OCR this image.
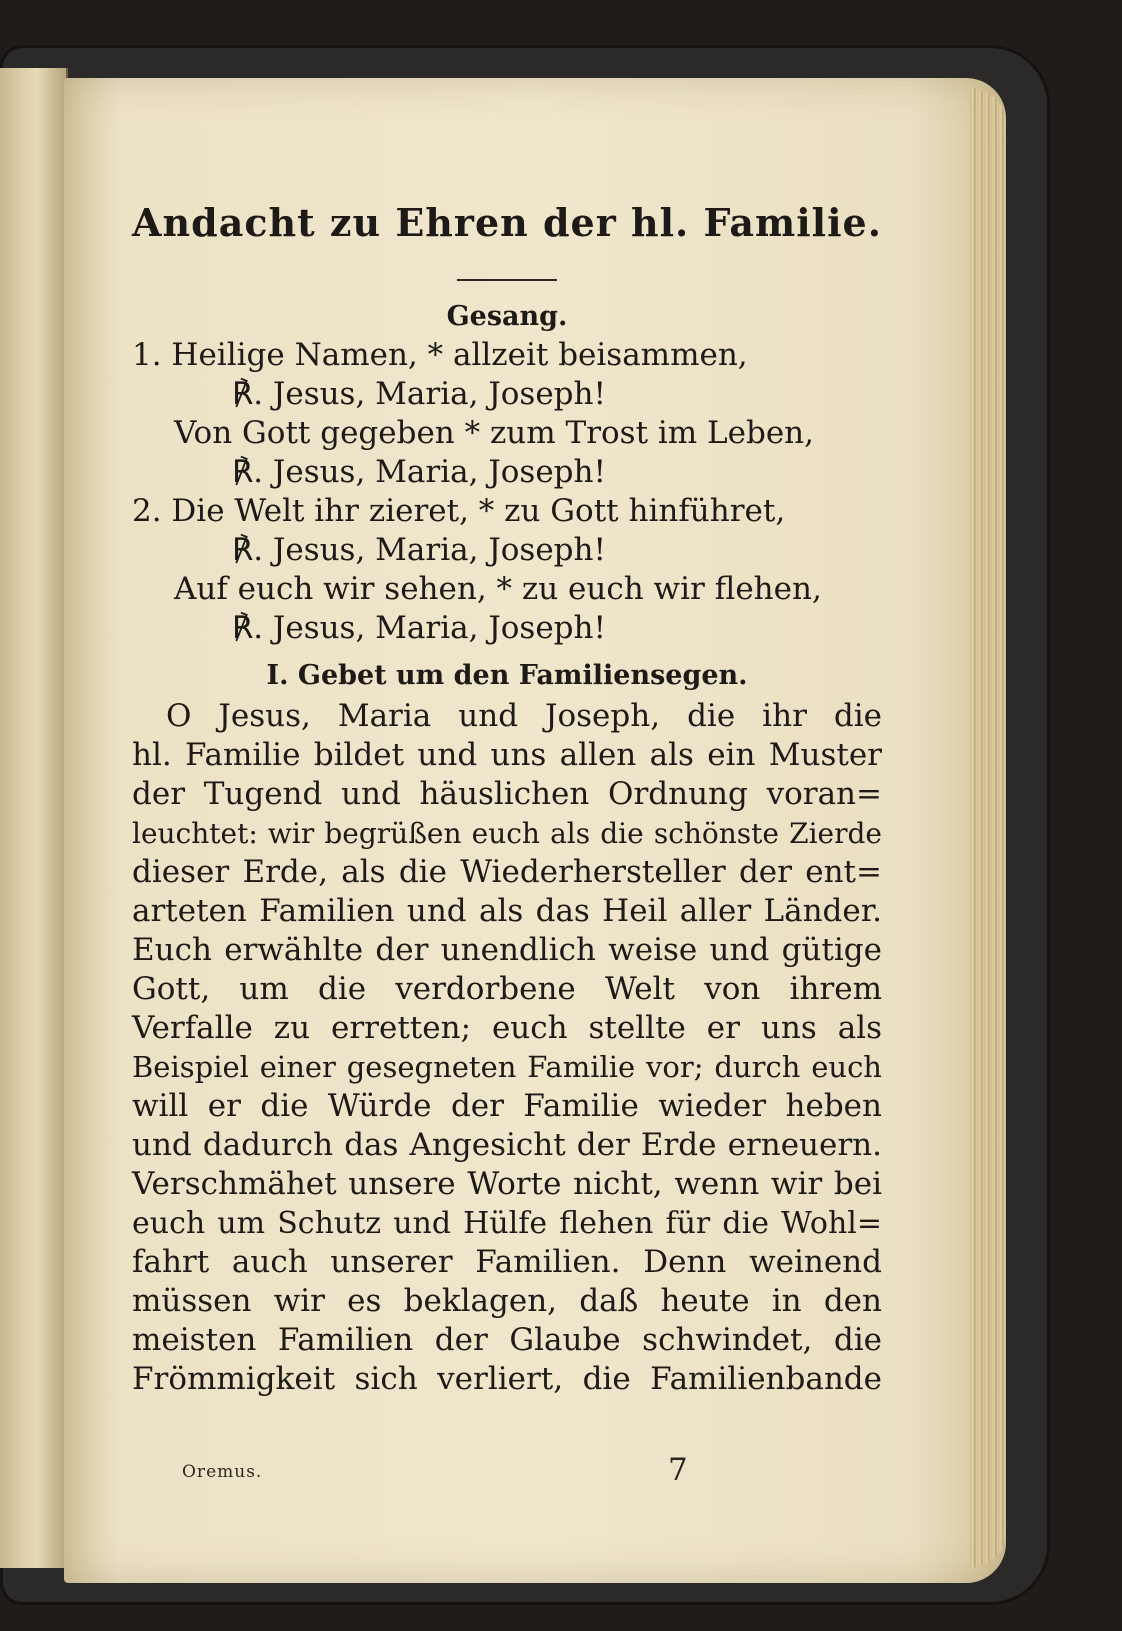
Andacht zu Ehren der hl. Familie.
Gesang.
1. Heilige Namen, * allzeit beisammen,
℟. Jesus, Maria, Joseph!
Von Gott gegeben * zum Trost im Leben,
℟. Jesus, Maria, Joseph!
2. Die Welt ihr zieret, * zu Gott hinführet,
℟. Jesus, Maria, Joseph!
Auf euch wir sehen, * zu euch wir flehen,
℟. Jesus, Maria, Joseph!
I. Gebet um den Familiensegen.
O Jesus, Maria und Joseph, die ihr die
hl. Familie bildet und uns allen als ein Muster
der Tugend und häuslichen Ordnung voran=
leuchtet: wir begrüßen euch als die schönste Zierde
dieser Erde, als die Wiederhersteller der ent=
arteten Familien und als das Heil aller Länder.
Euch erwählte der unendlich weise und gütige
Gott, um die verdorbene Welt von ihrem
Verfalle zu erretten; euch stellte er uns als
Beispiel einer gesegneten Familie vor; durch euch
will er die Würde der Familie wieder heben
und dadurch das Angesicht der Erde erneuern.
Verschmähet unsere Worte nicht, wenn wir bei
euch um Schutz und Hülfe flehen für die Wohl=
fahrt auch unserer Familien. Denn weinend
müssen wir es beklagen, daß heute in den
meisten Familien der Glaube schwindet, die
Frömmigkeit sich verliert, die Familienbande
Oremus.	7
